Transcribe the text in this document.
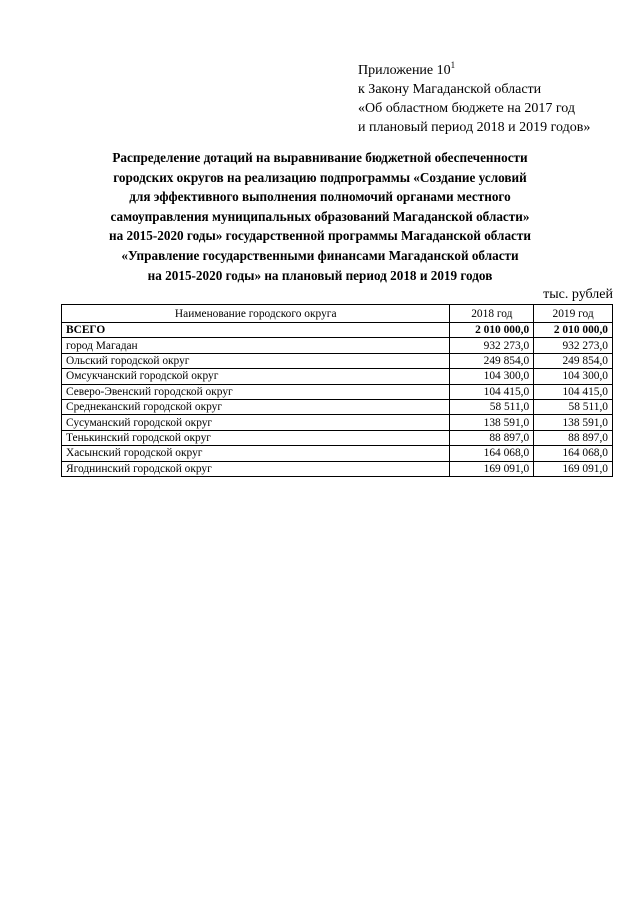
Приложение $10^1$
к Закону Магаданской области
«Об областном бюджете на 2017 год
и плановый период 2018 и 2019 годов»
Распределение дотаций на выравнивание бюджетной обеспеченности
городских округов на реализацию подпрограммы «Создание условий
для эффективного выполнения полномочий органами местного
самоуправления муниципальных образований Магаданской области»
на 2015-2020 годы» государственной программы Магаданской области
«Управление государственными финансами Магаданской области
на 2015-2020 годы» на плановый период 2018 и 2019 годов
тыс. рублей
Наименование городского округа	2018 год	2019 год
ВСЕГО	2 010 000,0	2 010 000,0
город Магадан	932 273,0	932 273,0
Ольский городской округ	249 854,0	249 854,0
Омсукчанский городской округ	104 300,0	104 300,0
Северо-Эвенский городской округ	104 415,0	104 415,0
Среднеканский городской округ	58 511,0	58 511,0
Сусуманский городской округ	138 591,0	138 591,0
Тенькинский городской округ	88 897,0	88 897,0
Хасынский городской округ	164 068,0	164 068,0
Ягоднинский городской округ	169 091,0	169 091,0
